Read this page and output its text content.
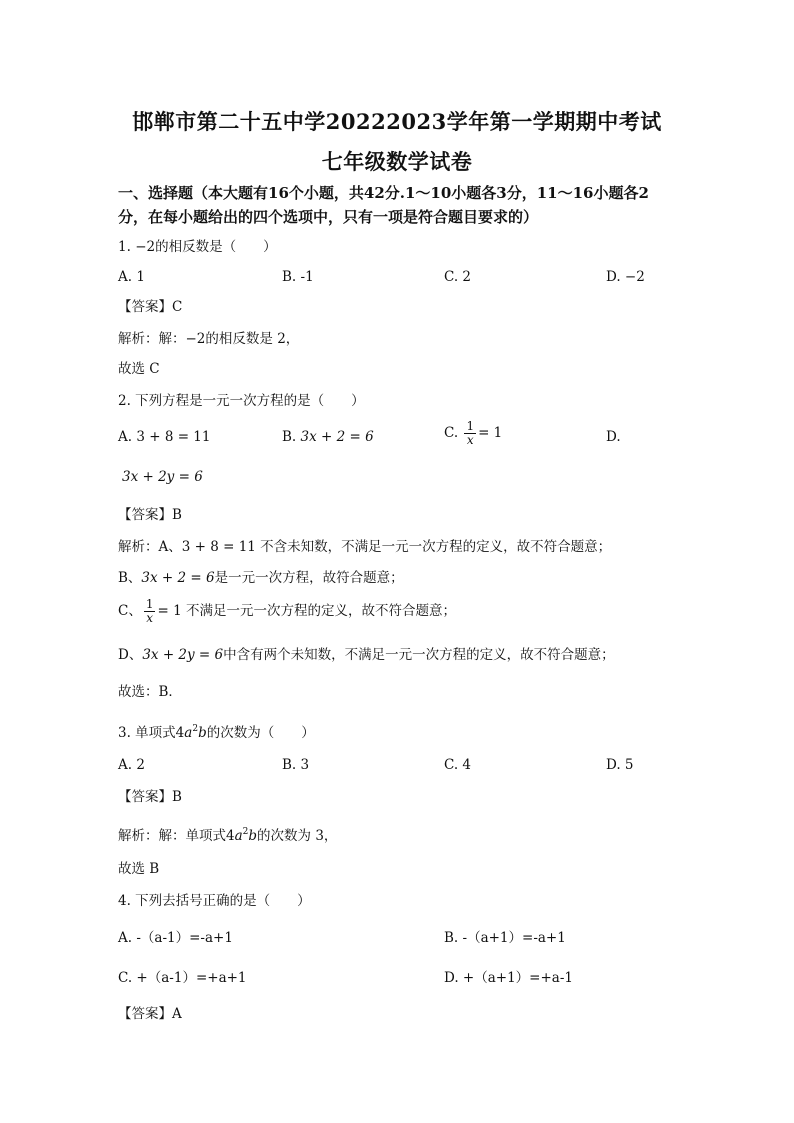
邯郸市第二十五中学20222023学年第一学期期中考试
七年级数学试卷
一、选择题（本大题有16个小题，共42分.1～10小题各3分，11～16小题各2
分，在每小题给出的四个选项中，只有一项是符合题目要求的）
1. −2的相反数是（　　）
A. 1	B. -1	C. 2	D. −2
【答案】C
解析：解：−2的相反数是 2，
故选 C
2. 下列方程是一元一次方程的是（　　）
A. 3 + 8 = 11	B. 3x + 2 = 6	C. $\frac{1}{x} = 1$	D.
3x + 2y = 6
【答案】B
解析：A、3 + 8 = 11 不含未知数，不满足一元一次方程的定义，故不符合题意；
B、3x + 2 = 6是一元一次方程，故符合题意；
C、 $\frac{1}{x} = 1$ 不满足一元一次方程的定义，故不符合题意；
D、3x + 2y = 6中含有两个未知数，不满足一元一次方程的定义，故不符合题意；
故选：B．
3. 单项式$4a^2b$的次数为（　　）
A. 2	B. 3	C. 4	D. 5
【答案】B
解析：解：单项式$4a^2b$的次数为 3，
故选 B
4. 下列去括号正确的是（　　）
A. -（a-1）=-a+1	B. -（a+1）=-a+1
C. +（a-1）=+a+1	D. +（a+1）=+a-1
【答案】A
